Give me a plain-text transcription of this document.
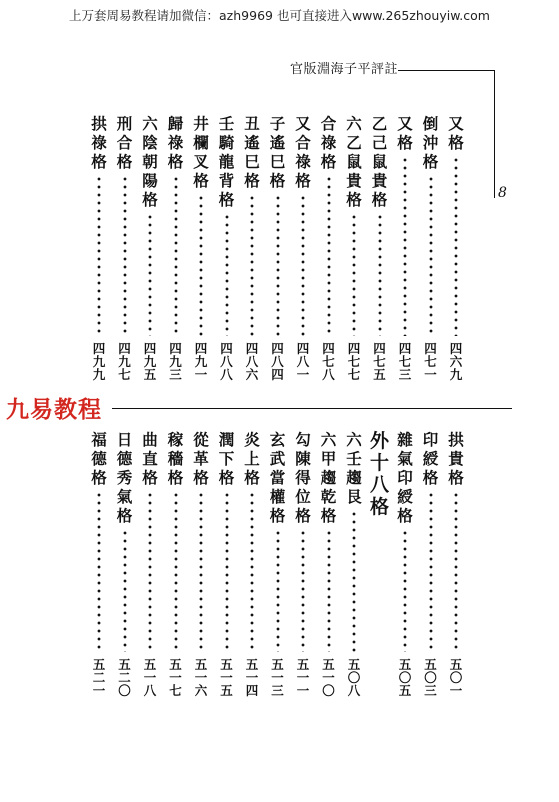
上万套周易教程请加微信：azh9969 也可直接进入www.265zhouyiw.com
官版淵海子平評註
8
九易教程
又
格
四
六
九
倒
沖
格
四
七
一
又
格
四
七
三
乙
己
鼠
貴
格
四
七
五
六
乙
鼠
貴
格
四
七
七
合
祿
格
四
七
八
又
合
祿
格
四
八
一
子
遙
巳
格
四
八
四
丑
遙
巳
格
四
八
六
壬
騎
龍
背
格
四
八
八
井
欄
叉
格
四
九
一
歸
祿
格
四
九
三
六
陰
朝
陽
格
四
九
五
刑
合
格
四
九
七
拱
祿
格
四
九
九
拱
貴
格
五
〇
一
印
綬
格
五
〇
三
雜
氣
印
綬
格
五
〇
五
外
十
八
格
六
壬
趨
艮
五
〇
八
六
甲
趨
乾
格
五
一
〇
勾
陳
得
位
格
五
一
一
玄
武
當
權
格
五
一
三
炎
上
格
五
一
四
潤
下
格
五
一
五
從
革
格
五
一
六
稼
穡
格
五
一
七
曲
直
格
五
一
八
日
德
秀
氣
格
五
二
〇
福
德
格
五
二
一
